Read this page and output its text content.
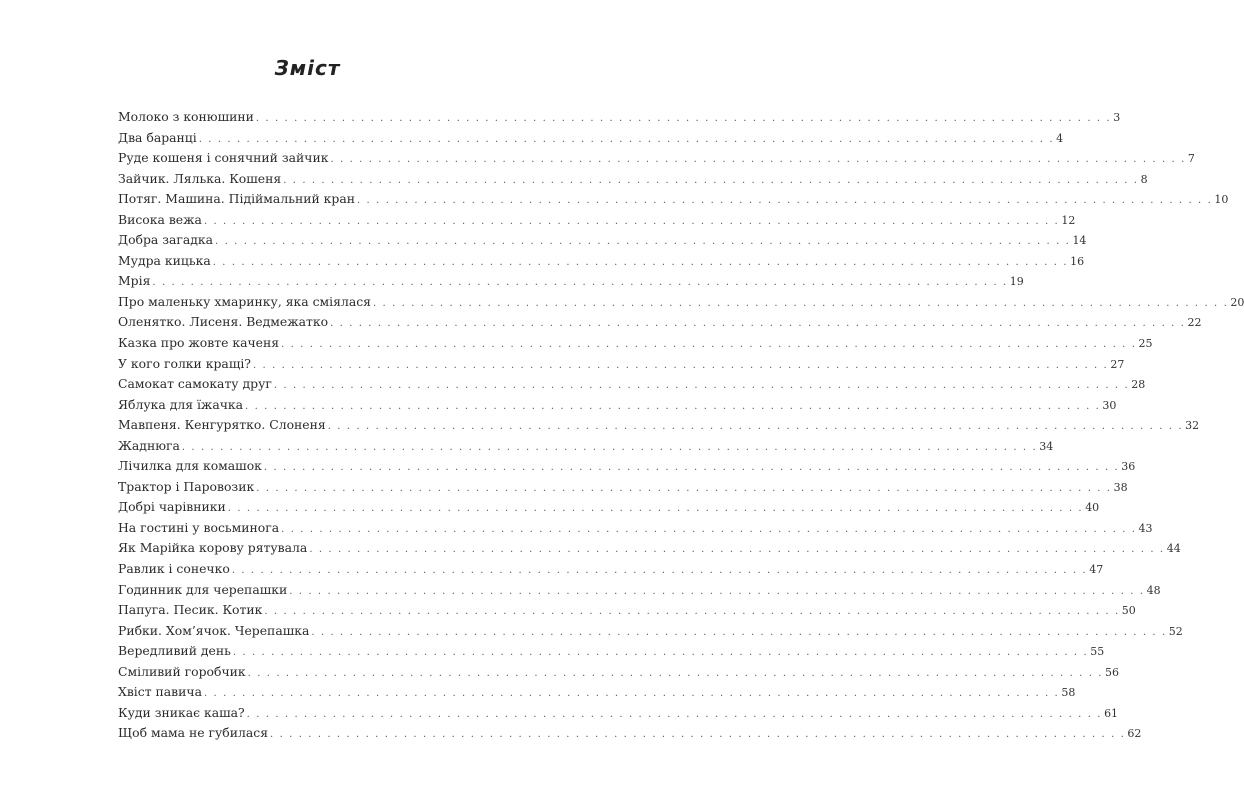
Зміст
Молоко з конюшини . . . . . . . . . . . . . . . . . . . . . . . . . . . . . . . . . . . . . . . . . . . . . . . . . . . . . . . . . . . . . . . . . . . . . . . . . . . . . . . . . . . . . . . . . . 3
Два баранці . . . . . . . . . . . . . . . . . . . . . . . . . . . . . . . . . . . . . . . . . . . . . . . . . . . . . . . . . . . . . . . . . . . . . . . . . . . . . . . . . . . . . . . . . . 4
Руде кошеня і сонячний зайчик . . . . . . . . . . . . . . . . . . . . . . . . . . . . . . . . . . . . . . . . . . . . . . . . . . . . . . . . . . . . . . . . . . . . . . . . . . . . . . . . . . . . . . . . . . 7
Зайчик. Лялька. Кошеня . . . . . . . . . . . . . . . . . . . . . . . . . . . . . . . . . . . . . . . . . . . . . . . . . . . . . . . . . . . . . . . . . . . . . . . . . . . . . . . . . . . . . . . . . . 8
Потяг. Машина. Підіймальний кран . . . . . . . . . . . . . . . . . . . . . . . . . . . . . . . . . . . . . . . . . . . . . . . . . . . . . . . . . . . . . . . . . . . . . . . . . . . . . . . . . . . . . . . . . . 10
Висока вежа . . . . . . . . . . . . . . . . . . . . . . . . . . . . . . . . . . . . . . . . . . . . . . . . . . . . . . . . . . . . . . . . . . . . . . . . . . . . . . . . . . . . . . . . . . 12
Добра загадка . . . . . . . . . . . . . . . . . . . . . . . . . . . . . . . . . . . . . . . . . . . . . . . . . . . . . . . . . . . . . . . . . . . . . . . . . . . . . . . . . . . . . . . . . . 14
Мудра кицька . . . . . . . . . . . . . . . . . . . . . . . . . . . . . . . . . . . . . . . . . . . . . . . . . . . . . . . . . . . . . . . . . . . . . . . . . . . . . . . . . . . . . . . . . . 16
Мрія . . . . . . . . . . . . . . . . . . . . . . . . . . . . . . . . . . . . . . . . . . . . . . . . . . . . . . . . . . . . . . . . . . . . . . . . . . . . . . . . . . . . . . . . . . 19
Про маленьку хмаринку, яка сміялася . . . . . . . . . . . . . . . . . . . . . . . . . . . . . . . . . . . . . . . . . . . . . . . . . . . . . . . . . . . . . . . . . . . . . . . . . . . . . . . . . . . . . . . . . . 20
Оленятко. Лисеня. Ведмежатко . . . . . . . . . . . . . . . . . . . . . . . . . . . . . . . . . . . . . . . . . . . . . . . . . . . . . . . . . . . . . . . . . . . . . . . . . . . . . . . . . . . . . . . . . . 22
Казка про жовте каченя . . . . . . . . . . . . . . . . . . . . . . . . . . . . . . . . . . . . . . . . . . . . . . . . . . . . . . . . . . . . . . . . . . . . . . . . . . . . . . . . . . . . . . . . . . 25
У кого голки кращі? . . . . . . . . . . . . . . . . . . . . . . . . . . . . . . . . . . . . . . . . . . . . . . . . . . . . . . . . . . . . . . . . . . . . . . . . . . . . . . . . . . . . . . . . . . 27
Самокат самокату друг . . . . . . . . . . . . . . . . . . . . . . . . . . . . . . . . . . . . . . . . . . . . . . . . . . . . . . . . . . . . . . . . . . . . . . . . . . . . . . . . . . . . . . . . . . 28
Яблука для їжачка . . . . . . . . . . . . . . . . . . . . . . . . . . . . . . . . . . . . . . . . . . . . . . . . . . . . . . . . . . . . . . . . . . . . . . . . . . . . . . . . . . . . . . . . . . 30
Мавпеня. Кенгурятко. Слоненя . . . . . . . . . . . . . . . . . . . . . . . . . . . . . . . . . . . . . . . . . . . . . . . . . . . . . . . . . . . . . . . . . . . . . . . . . . . . . . . . . . . . . . . . . . 32
Жаднюга . . . . . . . . . . . . . . . . . . . . . . . . . . . . . . . . . . . . . . . . . . . . . . . . . . . . . . . . . . . . . . . . . . . . . . . . . . . . . . . . . . . . . . . . . . 34
Лічилка для комашок . . . . . . . . . . . . . . . . . . . . . . . . . . . . . . . . . . . . . . . . . . . . . . . . . . . . . . . . . . . . . . . . . . . . . . . . . . . . . . . . . . . . . . . . . . 36
Трактор і Паровозик . . . . . . . . . . . . . . . . . . . . . . . . . . . . . . . . . . . . . . . . . . . . . . . . . . . . . . . . . . . . . . . . . . . . . . . . . . . . . . . . . . . . . . . . . . 38
Добрі чарівники . . . . . . . . . . . . . . . . . . . . . . . . . . . . . . . . . . . . . . . . . . . . . . . . . . . . . . . . . . . . . . . . . . . . . . . . . . . . . . . . . . . . . . . . . . 40
На гостині у восьминога . . . . . . . . . . . . . . . . . . . . . . . . . . . . . . . . . . . . . . . . . . . . . . . . . . . . . . . . . . . . . . . . . . . . . . . . . . . . . . . . . . . . . . . . . . 43
Як Марійка корову рятувала . . . . . . . . . . . . . . . . . . . . . . . . . . . . . . . . . . . . . . . . . . . . . . . . . . . . . . . . . . . . . . . . . . . . . . . . . . . . . . . . . . . . . . . . . . 44
Равлик і сонечко . . . . . . . . . . . . . . . . . . . . . . . . . . . . . . . . . . . . . . . . . . . . . . . . . . . . . . . . . . . . . . . . . . . . . . . . . . . . . . . . . . . . . . . . . . 47
Годинник для черепашки . . . . . . . . . . . . . . . . . . . . . . . . . . . . . . . . . . . . . . . . . . . . . . . . . . . . . . . . . . . . . . . . . . . . . . . . . . . . . . . . . . . . . . . . . . 48
Папуга. Песик. Котик . . . . . . . . . . . . . . . . . . . . . . . . . . . . . . . . . . . . . . . . . . . . . . . . . . . . . . . . . . . . . . . . . . . . . . . . . . . . . . . . . . . . . . . . . . 50
Рибки. Хом’ячок. Черепашка . . . . . . . . . . . . . . . . . . . . . . . . . . . . . . . . . . . . . . . . . . . . . . . . . . . . . . . . . . . . . . . . . . . . . . . . . . . . . . . . . . . . . . . . . . 52
Вередливий день . . . . . . . . . . . . . . . . . . . . . . . . . . . . . . . . . . . . . . . . . . . . . . . . . . . . . . . . . . . . . . . . . . . . . . . . . . . . . . . . . . . . . . . . . . 55
Сміливий горобчик . . . . . . . . . . . . . . . . . . . . . . . . . . . . . . . . . . . . . . . . . . . . . . . . . . . . . . . . . . . . . . . . . . . . . . . . . . . . . . . . . . . . . . . . . . 56
Хвіст павича . . . . . . . . . . . . . . . . . . . . . . . . . . . . . . . . . . . . . . . . . . . . . . . . . . . . . . . . . . . . . . . . . . . . . . . . . . . . . . . . . . . . . . . . . . 58
Куди зникає каша? . . . . . . . . . . . . . . . . . . . . . . . . . . . . . . . . . . . . . . . . . . . . . . . . . . . . . . . . . . . . . . . . . . . . . . . . . . . . . . . . . . . . . . . . . . 61
Щоб мама не губилася . . . . . . . . . . . . . . . . . . . . . . . . . . . . . . . . . . . . . . . . . . . . . . . . . . . . . . . . . . . . . . . . . . . . . . . . . . . . . . . . . . . . . . . . . . 62
